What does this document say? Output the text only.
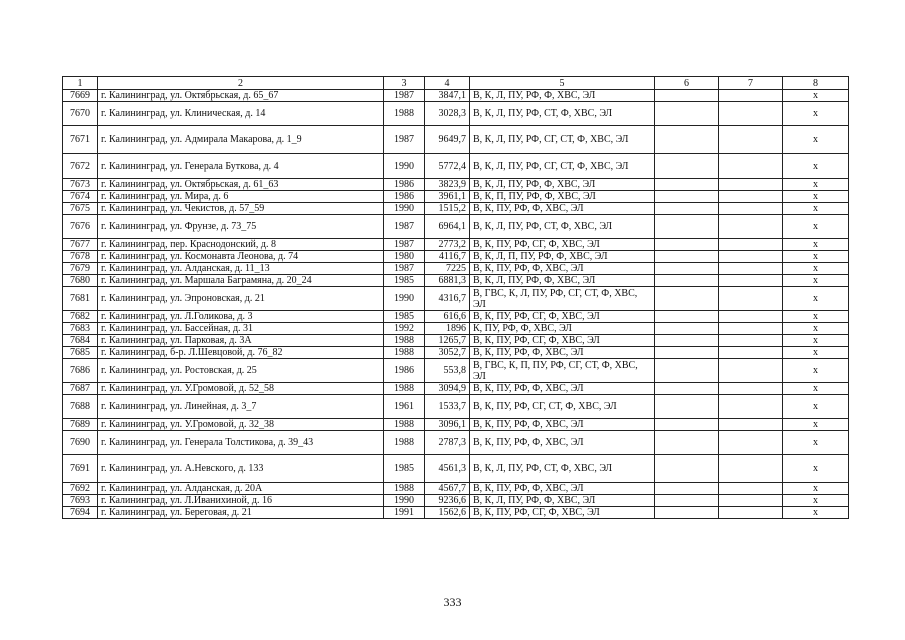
1	2	3	4	5	6	7	8
7669	г. Калининград, ул. Октябрьская, д. 65_67	1987	3847,1	В, К, Л, ПУ, РФ, Ф, ХВС, ЭЛ			х
7670	г. Калининград, ул. Клиническая, д. 14	1988	3028,3	В, К, Л, ПУ, РФ, СТ, Ф, ХВС, ЭЛ			х
7671	г. Калининград, ул. Адмирала Макарова, д. 1_9	1987	9649,7	В, К, Л, ПУ, РФ, СГ, СТ, Ф, ХВС, ЭЛ			х
7672	г. Калининград, ул. Генерала Буткова, д. 4	1990	5772,4	В, К, Л, ПУ, РФ, СГ, СТ, Ф, ХВС, ЭЛ			х
7673	г. Калининград, ул. Октябрьская, д. 61_63	1986	3823,9	В, К, Л, ПУ, РФ, Ф, ХВС, ЭЛ			х
7674	г. Калининград, ул. Мира, д. 6	1986	3961,1	В, К, П, ПУ, РФ, Ф, ХВС, ЭЛ			х
7675	г. Калининград, ул. Чекистов, д. 57_59	1990	1515,2	В, К, ПУ, РФ, Ф, ХВС, ЭЛ			х
7676	г. Калининград, ул. Фрунзе, д. 73_75	1987	6964,1	В, К, Л, ПУ, РФ, СТ, Ф, ХВС, ЭЛ			х
7677	г. Калининград, пер. Краснодонский, д. 8	1987	2773,2	В, К, ПУ, РФ, СГ, Ф, ХВС, ЭЛ			х
7678	г. Калининград, ул. Космонавта Леонова, д. 74	1980	4116,7	В, К, Л, П, ПУ, РФ, Ф, ХВС, ЭЛ			х
7679	г. Калининград, ул. Алданская, д. 11_13	1987	7225	В, К, ПУ, РФ, Ф, ХВС, ЭЛ			х
7680	г. Калининград, ул. Маршала Баграмяна, д. 20_24	1985	6881,3	В, К, Л, ПУ, РФ, Ф, ХВС, ЭЛ			х
7681	г. Калининград, ул. Эпроновская, д. 21	1990	4316,7	В, ГВС, К, Л, ПУ, РФ, СГ, СТ, Ф, ХВС, ЭЛ			х
7682	г. Калининград, ул. Л.Голикова, д. 3	1985	616,6	В, К, ПУ, РФ, СГ, Ф, ХВС, ЭЛ			х
7683	г. Калининград, ул. Бассейная, д. 31	1992	1896	К, ПУ, РФ, Ф, ХВС, ЭЛ			х
7684	г. Калининград, ул. Парковая, д. 3А	1988	1265,7	В, К, ПУ, РФ, СГ, Ф, ХВС, ЭЛ			х
7685	г. Калининград, б-р. Л.Шевцовой, д. 76_82	1988	3052,7	В, К, ПУ, РФ, Ф, ХВС, ЭЛ			х
7686	г. Калининград, ул. Ростовская, д. 25	1986	553,8	В, ГВС, К, П, ПУ, РФ, СГ, СТ, Ф, ХВС, ЭЛ			х
7687	г. Калининград, ул. У.Громовой, д. 52_58	1988	3094,9	В, К, ПУ, РФ, Ф, ХВС, ЭЛ			х
7688	г. Калининград, ул. Линейная, д. 3_7	1961	1533,7	В, К, ПУ, РФ, СГ, СТ, Ф, ХВС, ЭЛ			х
7689	г. Калининград, ул. У.Громовой, д. 32_38	1988	3096,1	В, К, ПУ, РФ, Ф, ХВС, ЭЛ			х
7690	г. Калининград, ул. Генерала Толстикова, д. 39_43	1988	2787,3	В, К, ПУ, РФ, Ф, ХВС, ЭЛ			х
7691	г. Калининград, ул. А.Невского, д. 133	1985	4561,3	В, К, Л, ПУ, РФ, СТ, Ф, ХВС, ЭЛ			х
7692	г. Калининград, ул. Алданская, д. 20А	1988	4567,7	В, К, ПУ, РФ, Ф, ХВС, ЭЛ			х
7693	г. Калининград, ул. Л.Иванихиной, д. 16	1990	9236,6	В, К, Л, ПУ, РФ, Ф, ХВС, ЭЛ			х
7694	г. Калининград, ул. Береговая, д. 21	1991	1562,6	В, К, ПУ, РФ, СГ, Ф, ХВС, ЭЛ			х
333
